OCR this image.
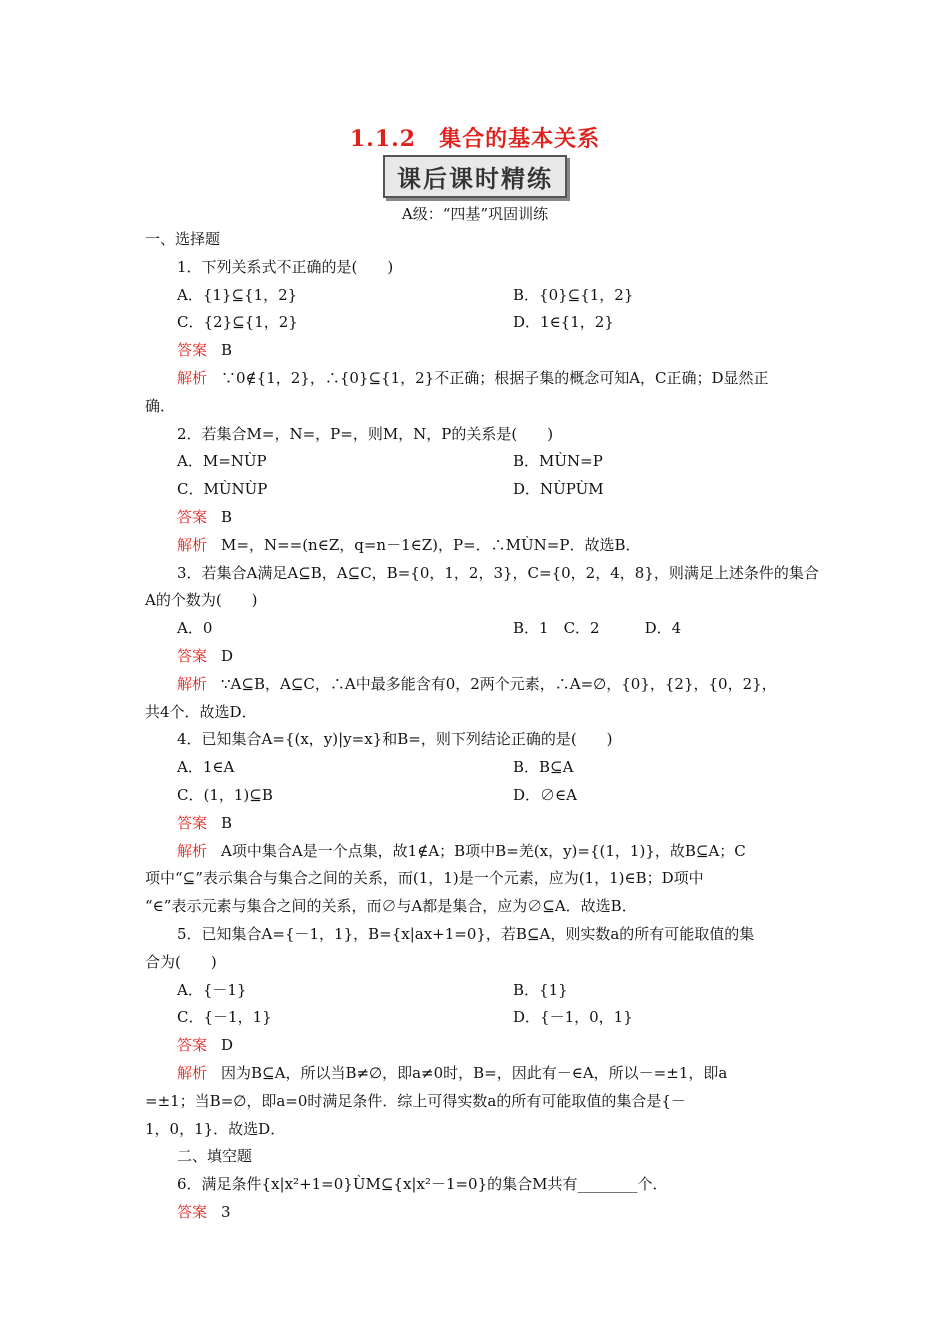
1.1.2　集合的基本关系
课后课时精练
A级：“四基”巩固训练
一、选择题
1．下列关系式不正确的是(　　)
A．{1}⊆{1，2}	B．{0}⊆{1，2}
C．{2}⊆{1，2}	D．1∈{1，2}
答案 B
解析 ∵0∉{1，2}，∴{0}⊆{1，2}不正确；根据子集的概念可知A，C正确；D显然正
确．
2．若集合M=，N=，P=，则M，N，P的关系是(　　)
A．M=NÙP	B．MÙN=P
C．MÙNÙP	D．NÙPÙM
答案 B
解析 M=，N==(n∈Z，q=n－1∈Z)，P=．∴MÙN=P．故选B．
3．若集合A满足A⊆B，A⊆C，B={0，1，2，3}，C={0，2，4，8}，则满足上述条件的集合
A的个数为(　　)
A．0	B．1　C．2　　　D．4
答案 D
解析 ∵A⊆B，A⊆C，∴A中最多能含有0，2两个元素，∴A=∅，{0}，{2}，{0，2}，
共4个．故选D．
4．已知集合A={(x，y)|y=x}和B=，则下列结论正确的是(　　)
A．1∈A	B．B⊆A
C．(1，1)⊆B	D．∅∈A
答案 B
解析 A项中集合A是一个点集，故1∉A；B项中B=羌(x，y)={(1，1)}，故B⊆A；C
项中“⊆”表示集合与集合之间的关系，而(1，1)是一个元素，应为(1，1)∈B；D项中
“∈”表示元素与集合之间的关系，而∅与A都是集合，应为∅⊆A．故选B．
5．已知集合A={－1，1}，B={x|ax+1=0}，若B⊆A，则实数a的所有可能取值的集
合为(　　)
A．{－1}	B．{1}
C．{－1，1}	D．{－1，0，1}
答案 D
解析 因为B⊆A，所以当B≠∅，即a≠0时，B=，因此有－∈A，所以－=±1，即a
=±1；当B=∅，即a=0时满足条件．综上可得实数a的所有可能取值的集合是{－
1，0，1}．故选D．
二、填空题
6．满足条件{x|x²+1=0}ÙM⊆{x|x²－1=0}的集合M共有________个．
答案 3
